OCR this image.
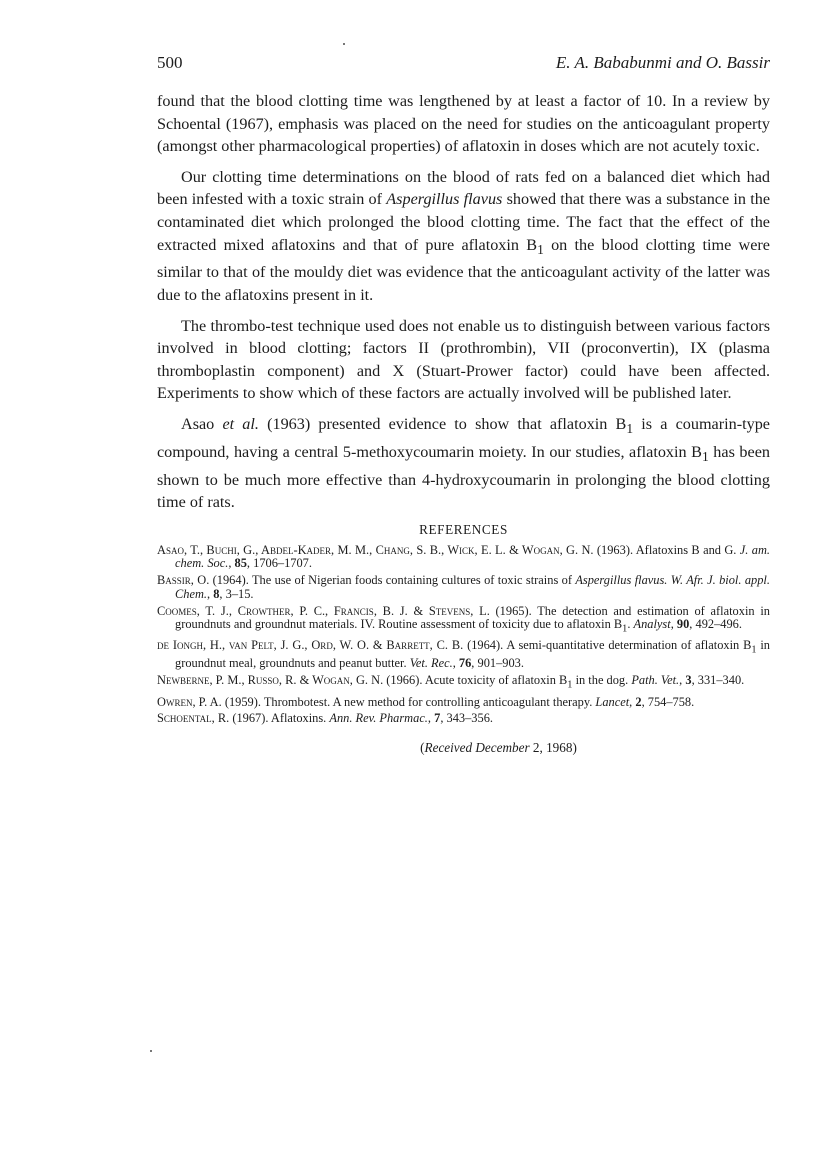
500	E. A. Bababunmi and O. Bassir

found that the blood clotting time was lengthened by at least a factor of 10. In a review by Schoental (1967), emphasis was placed on the need for studies on the anticoagulant property (amongst other pharmacological properties) of aflatoxin in doses which are not acutely toxic.

Our clotting time determinations on the blood of rats fed on a balanced diet which had been infested with a toxic strain of Aspergillus flavus showed that there was a substance in the contaminated diet which prolonged the blood clotting time. The fact that the effect of the extracted mixed aflatoxins and that of pure aflatoxin $B_1$ on the blood clotting time were similar to that of the mouldy diet was evidence that the anticoagulant activity of the latter was due to the aflatoxins present in it.

The thrombo-test technique used does not enable us to distinguish between various factors involved in blood clotting; factors II (prothrombin), VII (proconvertin), IX (plasma thromboplastin component) and X (Stuart-Prower factor) could have been affected. Experiments to show which of these factors are actually involved will be published later.

Asao et al. (1963) presented evidence to show that aflatoxin $B_1$ is a coumarin-type compound, having a central 5-methoxycoumarin moiety. In our studies, aflatoxin $B_1$ has been shown to be much more effective than 4-hydroxycoumarin in prolonging the blood clotting time of rats.

REFERENCES
Asao, T., Buchi, G., Abdel-Kader, M. M., Chang, S. B., Wick, E. L. & Wogan, G. N. (1963). Aflatoxins B and G. J. am. chem. Soc., 85, 1706–1707.
Bassir, O. (1964). The use of Nigerian foods containing cultures of toxic strains of Aspergillus flavus. W. Afr. J. biol. appl. Chem., 8, 3–15.
Coomes, T. J., Crowther, P. C., Francis, B. J. & Stevens, L. (1965). The detection and estimation of aflatoxin in groundnuts and groundnut materials. IV. Routine assessment of toxicity due to aflatoxin $B_1$. Analyst, 90, 492–496.
de Iongh, H., van Pelt, J. G., Ord, W. O. & Barrett, C. B. (1964). A semi-quantitative determination of aflatoxin $B_1$ in groundnut meal, groundnuts and peanut butter. Vet. Rec., 76, 901–903.
Newberne, P. M., Russo, R. & Wogan, G. N. (1966). Acute toxicity of aflatoxin $B_1$ in the dog. Path. Vet., 3, 331–340.
Owren, P. A. (1959). Thrombotest. A new method for controlling anticoagulant therapy. Lancet, 2, 754–758.
Schoental, R. (1967). Aflatoxins. Ann. Rev. Pharmac., 7, 343–356.
(Received December 2, 1968)
